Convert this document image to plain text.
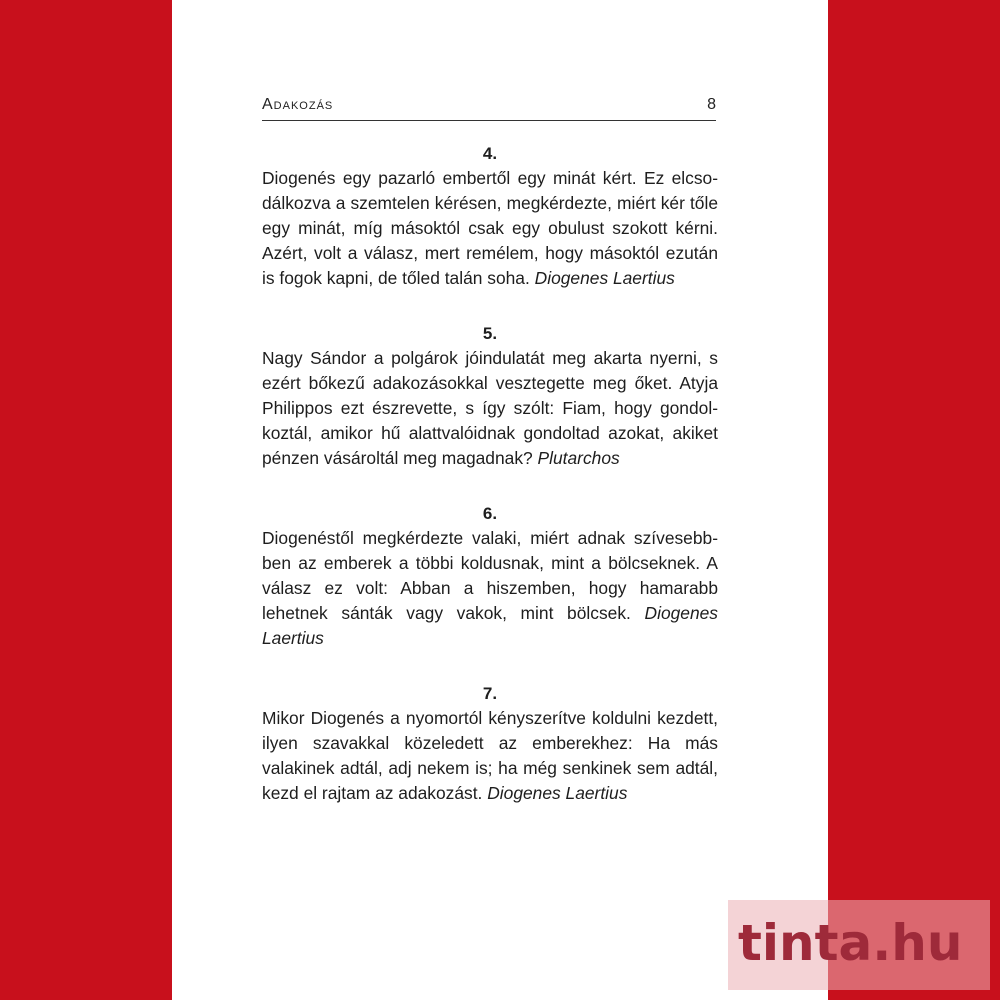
Adakozás	8

4.

Diogenés egy pazarló embertől egy minát kért. Ez elcsodálkozva a szemtelen kérésen, megkérdezte, miért kér tőle egy minát, míg másoktól csak egy obulust szokott kérni. Azért, volt a válasz, mert remélem, hogy másoktól ezután is fogok kapni, de tőled talán soha. Diogenes Laertius

5.

Nagy Sándor a polgárok jóindulatát meg akarta nyerni, s ezért bőkezű adakozásokkal vesztegette meg őket. Atyja Philippos ezt észrevette, s így szólt: Fiam, hogy gondolkoztál, amikor hű alattvalóidnak gondoltad azokat, akiket pénzen vásároltál meg magadnak? Plutarchos

6.

Diogenéstől megkérdezte valaki, miért adnak szívesebbben az emberek a többi koldusnak, mint a bölcseknek. A válasz ez volt: Abban a hiszemben, hogy hamarabb lehetnek sánták vagy vakok, mint bölcsek. Diogenes Laertius

7.

Mikor Diogenés a nyomortól kényszerítve koldulni kezdett, ilyen szavakkal közeledett az emberekhez: Ha más valakinek adtál, adj nekem is; ha még senkinek sem adtál, kezd el rajtam az adakozást. Diogenes Laertius

tinta.hu
